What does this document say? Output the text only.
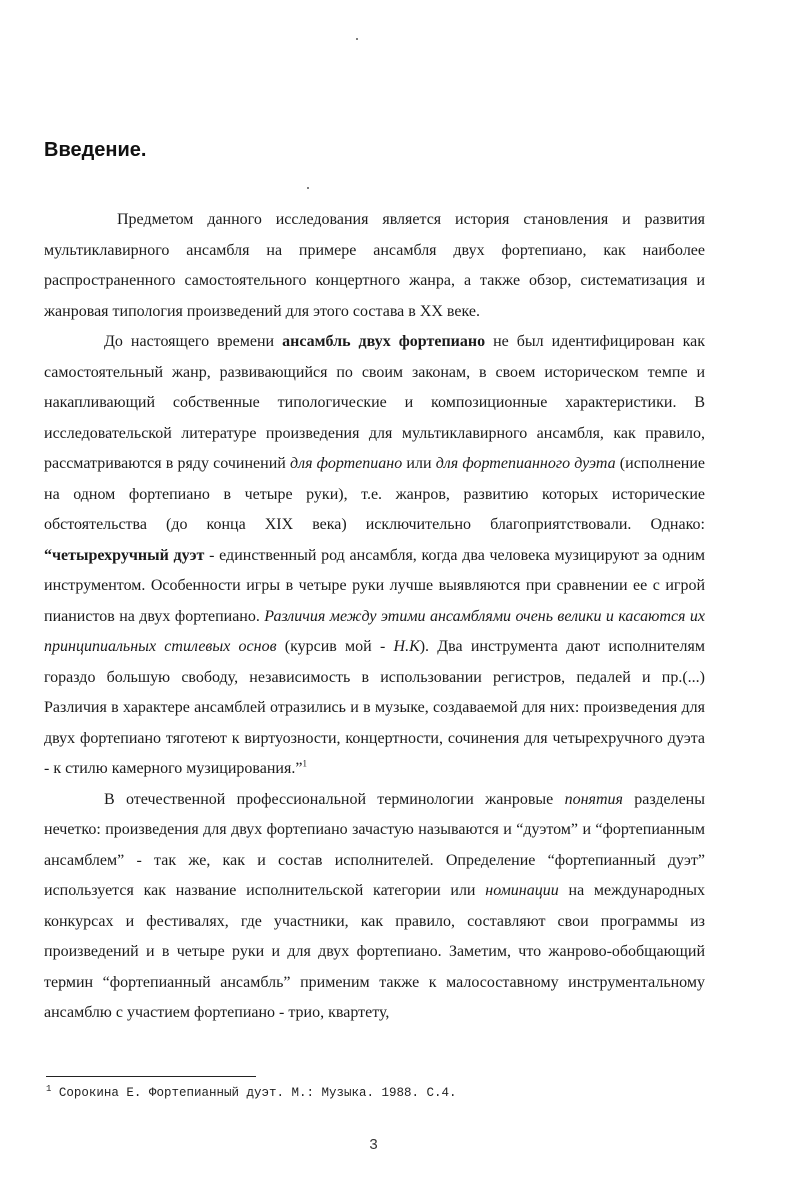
Введение.

Предметом данного исследования является история становления и развития мультиклавирного ансамбля на примере ансамбля двух фортепиано, как наиболее распространенного самостоятельного концертного жанра, а также обзор, систематизация и жанровая типология произведений для этого состава в XX веке.

До настоящего времени ансамбль двух фортепиано не был идентифицирован как самостоятельный жанр, развивающийся по своим законам, в своем историческом темпе и накапливающий собственные типологические и композиционные характеристики. В исследовательской литературе произведения для мультиклавирного ансамбля, как правило, рассматриваются в ряду сочинений для фортепиано или для фортепианного дуэта (исполнение на одном фортепиано в четыре руки), т.е. жанров, развитию которых исторические обстоятельства (до конца XIX века) исключительно благоприятствовали. Однако: “четырехручный дуэт - единственный род ансамбля, когда два человека музицируют за одним инструментом. Особенности игры в четыре руки лучше выявляются при сравнении ее с игрой пианистов на двух фортепиано. Различия между этими ансамблями очень велики и касаются их принципиальных стилевых основ (курсив мой - Н.К). Два инструмента дают исполнителям гораздо большую свободу, независимость в использовании регистров, педалей и пр.(...) Различия в характере ансамблей отразились и в музыке, создаваемой для них: произведения для двух фортепиано тяготеют к виртуозности, концертности, сочинения для четырехручного дуэта - к стилю камерного музицирования.”$^1$

В отечественной профессиональной терминологии жанровые понятия разделены нечетко: произведения для двух фортепиано зачастую называются и “дуэтом” и “фортепианным ансамблем” - так же, как и состав исполнителей. Определение “фортепианный дуэт” используется как название исполнительской категории или номинации на международных конкурсах и фестивалях, где участники, как правило, составляют свои программы из произведений и в четыре руки и для двух фортепиано. Заметим, что жанрово-обобщающий термин “фортепианный ансамбль” применим также к малосоставному инструментальному ансамблю с участием фортепиано - трио, квартету,

$^1$ Сорокина Е. Фортепианный дуэт. М.: Музыка. 1988. С.4.
3
